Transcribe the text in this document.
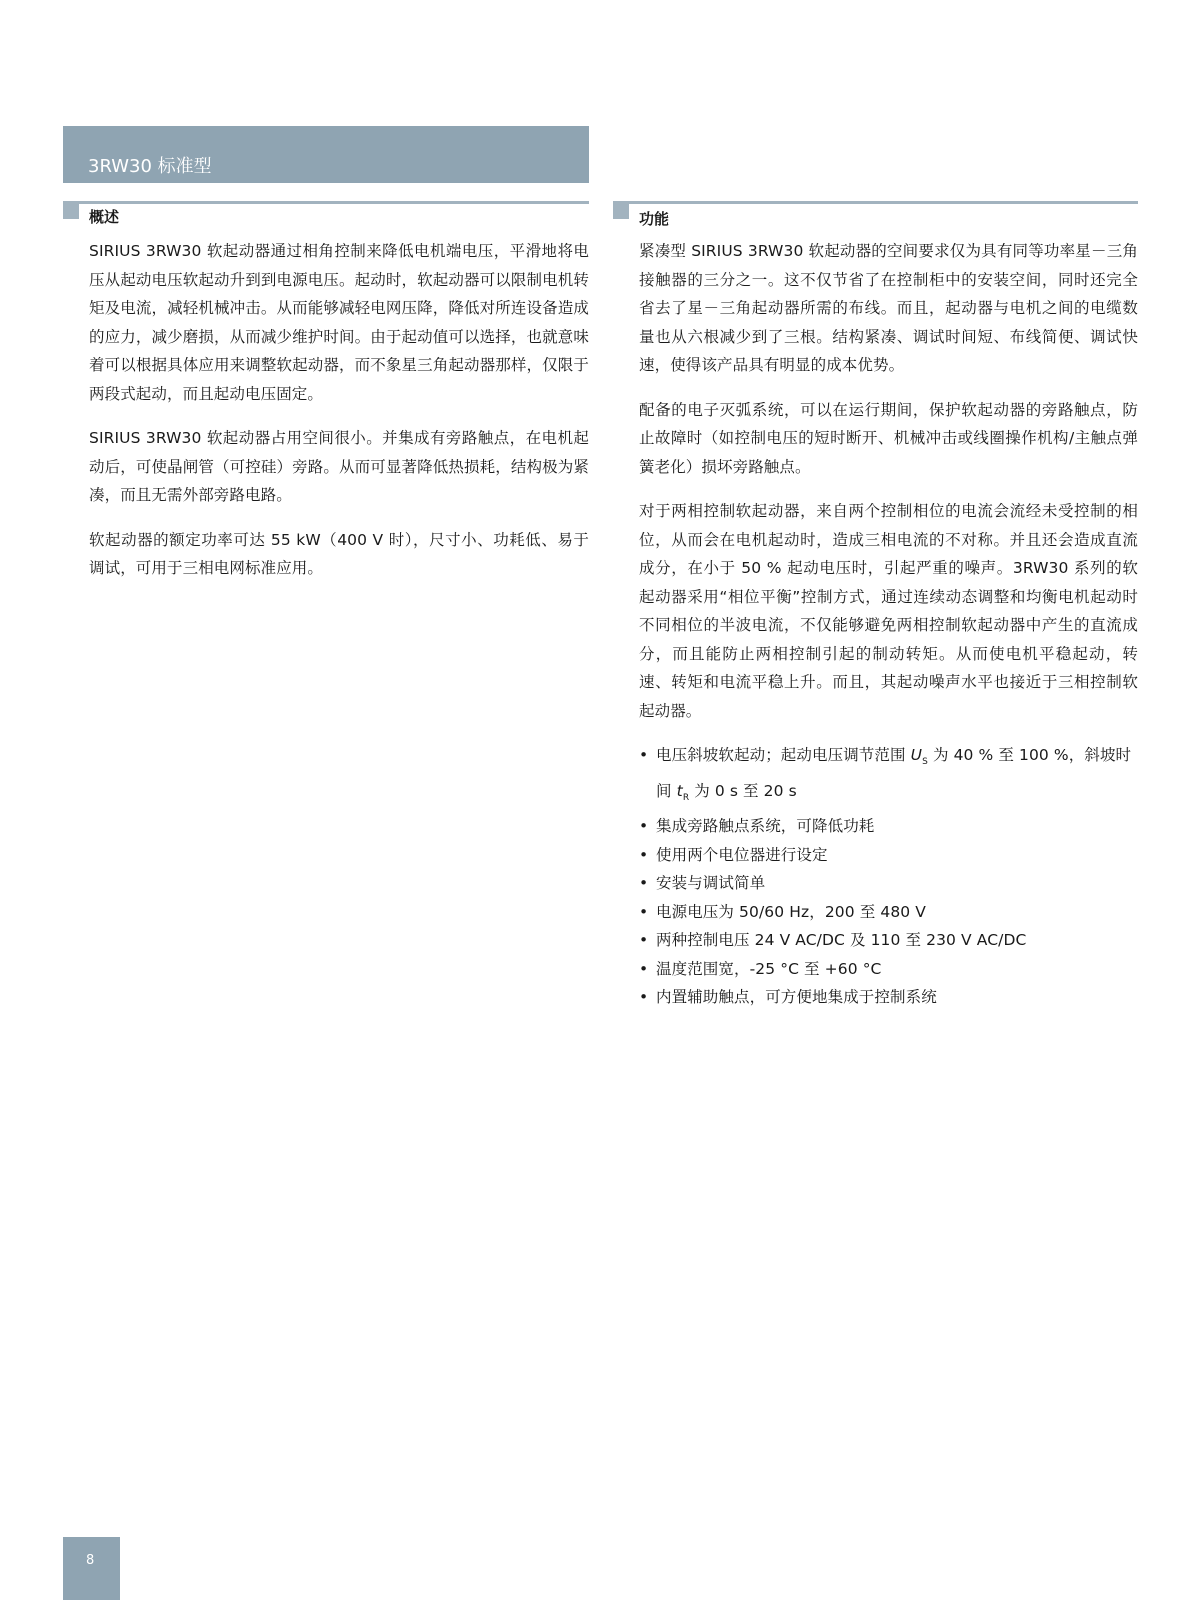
3RW30 标准型
概述

SIRIUS 3RW30 软起动器通过相角控制来降低电机端电压，平滑地将电压从起动电压软起动升到到电源电压。起动时，软起动器可以限制电机转矩及电流，减轻机械冲击。从而能够减轻电网压降，降低对所连设备造成的应力，减少磨损，从而减少维护时间。由于起动值可以选择，也就意味着可以根据具体应用来调整软起动器，而不象星三角起动器那样，仅限于两段式起动，而且起动电压固定。

SIRIUS 3RW30 软起动器占用空间很小。并集成有旁路触点，在电机起动后，可使晶闸管（可控硅）旁路。从而可显著降低热损耗，结构极为紧凑，而且无需外部旁路电路。

软起动器的额定功率可达 55 kW（400 V 时），尺寸小、功耗低、易于调试，可用于三相电网标准应用。

功能

紧凑型 SIRIUS 3RW30 软起动器的空间要求仅为具有同等功率星－三角接触器的三分之一。这不仅节省了在控制柜中的安装空间，同时还完全省去了星－三角起动器所需的布线。而且，起动器与电机之间的电缆数量也从六根减少到了三根。结构紧凑、调试时间短、布线简便、调试快速，使得该产品具有明显的成本优势。

配备的电子灭弧系统，可以在运行期间，保护软起动器的旁路触点，防止故障时（如控制电压的短时断开、机械冲击或线圈操作机构/主触点弹簧老化）损坏旁路触点。

对于两相控制软起动器，来自两个控制相位的电流会流经未受控制的相位，从而会在电机起动时，造成三相电流的不对称。并且还会造成直流成分，在小于 50 % 起动电压时，引起严重的噪声。3RW30 系列的软起动器采用“相位平衡”控制方式，通过连续动态调整和均衡电机起动时不同相位的半波电流，不仅能够避免两相控制软起动器中产生的直流成分，而且能防止两相控制引起的制动转矩。从而使电机平稳起动，转速、转矩和电流平稳上升。而且，其起动噪声水平也接近于三相控制软起动器。

• 电压斜坡软起动；起动电压调节范围 $U_S$ 为 40 % 至 100 %，斜坡时间 $t_R$ 为 0 s 至 20 s
• 集成旁路触点系统，可降低功耗
• 使用两个电位器进行设定
• 安装与调试简单
• 电源电压为 50/60 Hz，200 至 480 V
• 两种控制电压 24 V AC/DC 及 110 至 230 V AC/DC
• 温度范围宽，-25 °C 至 +60 °C
• 内置辅助触点，可方便地集成于控制系统
8
